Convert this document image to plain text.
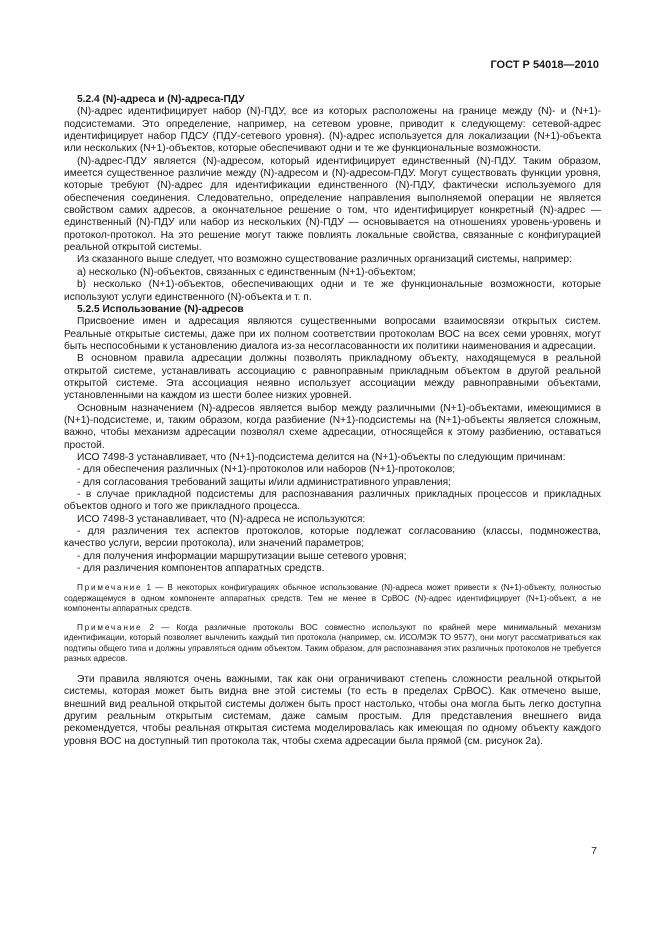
ГОСТ Р 54018—2010

5.2.4 (N)-адреса и (N)-адреса-ПДУ

(N)-адрес идентифицирует набор (N)-ПДУ, все из которых расположены на границе между (N)- и (N+1)-подсистемами. Это определение, например, на сетевом уровне, приводит к следующему: сетевой-адрес идентифицирует набор ПДСУ (ПДУ-сетевого уровня). (N)-адрес используется для локализации (N+1)-объекта или нескольких (N+1)-объектов, которые обеспечивают одни и те же функциональные возможности.

(N)-адрес-ПДУ является (N)-адресом, который идентифицирует единственный (N)-ПДУ. Таким образом, имеется существенное различие между (N)-адресом и (N)-адресом-ПДУ. Могут существовать функции уровня, которые требуют (N)-адрес для идентификации единственного (N)-ПДУ, фактически используемого для обеспечения соединения. Следовательно, определение направления выполняемой операции не является свойством самих адресов, а окончательное решение о том, что идентифицирует конкретный (N)-адрес — единственный (N)-ПДУ или набор из нескольких (N)-ПДУ — основывается на отношениях уровень-уровень и протокол-протокол. На это решение могут также повлиять локальные свойства, связанные с конфигурацией реальной открытой системы.

Из сказанного выше следует, что возможно существование различных организаций системы, например:

а) несколько (N)-объектов, связанных с единственным (N+1)-объектом;

b) несколько (N+1)-объектов, обеспечивающих одни и те же функциональные возможности, которые используют услуги единственного (N)-объекта и т. п.

5.2.5 Использование (N)-адресов

Присвоение имен и адресация являются существенными вопросами взаимосвязи открытых систем. Реальные открытые системы, даже при их полном соответствии протоколам ВОС на всех семи уровнях, могут быть неспособными к установлению диалога из-за несогласованности их политики наименования и адресации.

В основном правила адресации должны позволять прикладному объекту, находящемуся в реальной открытой системе, устанавливать ассоциацию с равноправным прикладным объектом в другой реальной открытой системе. Эта ассоциация неявно использует ассоциации между равноправными объектами, установленными на каждом из шести более низких уровней.

Основным назначением (N)-адресов является выбор между различными (N+1)-объектами, имеющимися в (N+1)-подсистеме, и, таким образом, когда разбиение (N+1)-подсистемы на (N+1)-объекты является сложным, важно, чтобы механизм адресации позволял схеме адресации, относящейся к этому разбиению, оставаться простой.

ИСО 7498-3 устанавливает, что (N+1)-подсистема делится на (N+1)-объекты по следующим причинам:

- для обеспечения различных (N+1)-протоколов или наборов (N+1)-протоколов;

- для согласования требований защиты и/или административного управления;

- в случае прикладной подсистемы для распознавания различных прикладных процессов и прикладных объектов одного и того же прикладного процесса.

ИСО 7498-3 устанавливает, что (N)-адреса не используются:

- для различения тех аспектов протоколов, которые подлежат согласованию (классы, подмножества, качество услуги, версии протокола), или значений параметров;

- для получения информации маршрутизации выше сетевого уровня;

- для различения компонентов аппаратных средств.

Примечание 1 — В некоторых конфигурациях обычное использование (N)-адреса может привести к (N+1)-объекту, полностью содержащемуся в одном компоненте аппаратных средств. Тем не менее в СрВОС (N)-адрес идентифицирует (N+1)-объект, а не компоненты аппаратных средств.

Примечание 2 — Когда различные протоколы ВОС совместно используют по крайней мере минимальный механизм идентификации, который позволяет вычленить каждый тип протокола (например, см. ИСО/МЭК ТО 9577), они могут рассматриваться как подтипы общего типа и должны управляться одним объектом. Таким образом, для распознавания этих различных протоколов не требуется разных адресов.

Эти правила являются очень важными, так как они ограничивают степень сложности реальной открытой системы, которая может быть видна вне этой системы (то есть в пределах СрВОС). Как отмечено выше, внешний вид реальной открытой системы должен быть прост настолько, чтобы она могла быть легко доступна другим реальным открытым системам, даже самым простым. Для представления внешнего вида рекомендуется, чтобы реальная открытая система моделировалась как имеющая по одному объекту каждого уровня ВОС на доступный тип протокола так, чтобы схема адресации была прямой (см. рисунок 2а).

7
